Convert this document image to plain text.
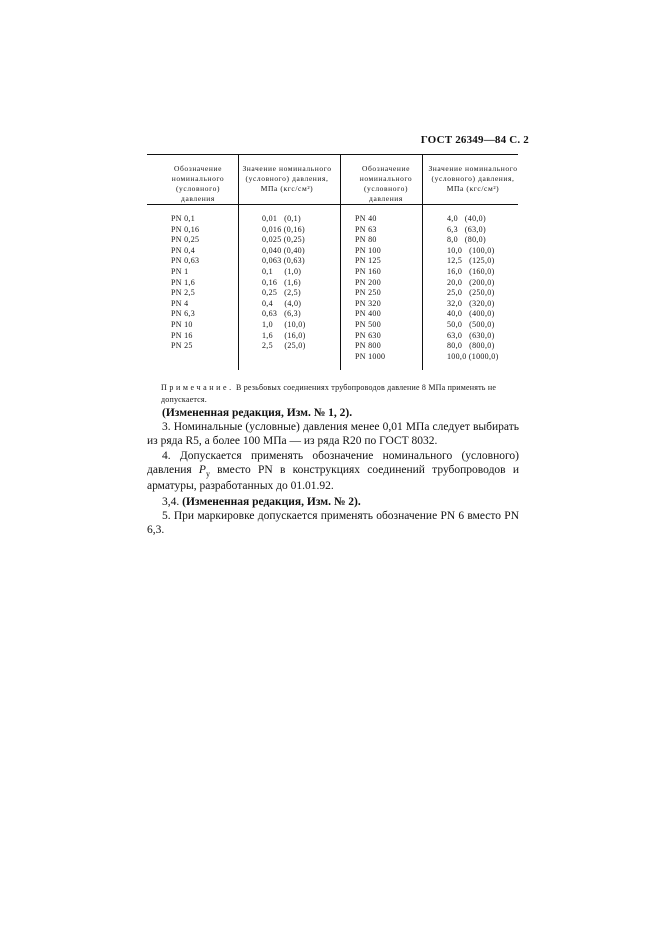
ГОСТ 26349—84 С. 2
Обозначение номинального (условного) давления
Значение номинального (условного) давления, МПа (кгс/см²)
Обозначение номинального (условного) давления
Значение номинального (условного) давления, МПа (кгс/см²)
PN 0,1
PN 0,16
PN 0,25
PN 0,4
PN 0,63
PN 1
PN 1,6
PN 2,5
PN 4
PN 6,3
PN 10
PN 16
PN 25
0,01   (0,1)
0,016 (0,16)
0,025 (0,25)
0,040 (0,40)
0,063 (0,63)
0,1     (1,0)
0,16   (1,6)
0,25   (2,5)
0,4     (4,0)
0,63   (6,3)
1,0     (10,0)
1,6     (16,0)
2,5     (25,0)
PN 40
PN 63
PN 80
PN 100
PN 125
PN 160
PN 200
PN 250
PN 320
PN 400
PN 500
PN 630
PN 800
PN 1000
4,0   (40,0)
6,3   (63,0)
8,0   (80,0)
10,0   (100,0)
12,5   (125,0)
16,0   (160,0)
20,0   (200,0)
25,0   (250,0)
32,0   (320,0)
40,0   (400,0)
50,0   (500,0)
63,0   (630,0)
80,0   (800,0)
100,0 (1000,0)
Примечание. В резьбовых соединениях трубопроводов давление 8 МПа применять не допускается.
(Измененная редакция, Изм. № 1, 2).
3. Номинальные (условные) давления менее 0,01 МПа следует выбирать из ряда R5, а более 100 МПа — из ряда R20 по ГОСТ 8032.
4. Допускается применять обозначение номинального (условного) давления $P_у$ вместо PN в конструкциях соединений трубопроводов и арматуры, разработанных до 01.01.92.
3,4. (Измененная редакция, Изм. № 2).
5. При маркировке допускается применять обозначение PN 6 вместо PN 6,3.
